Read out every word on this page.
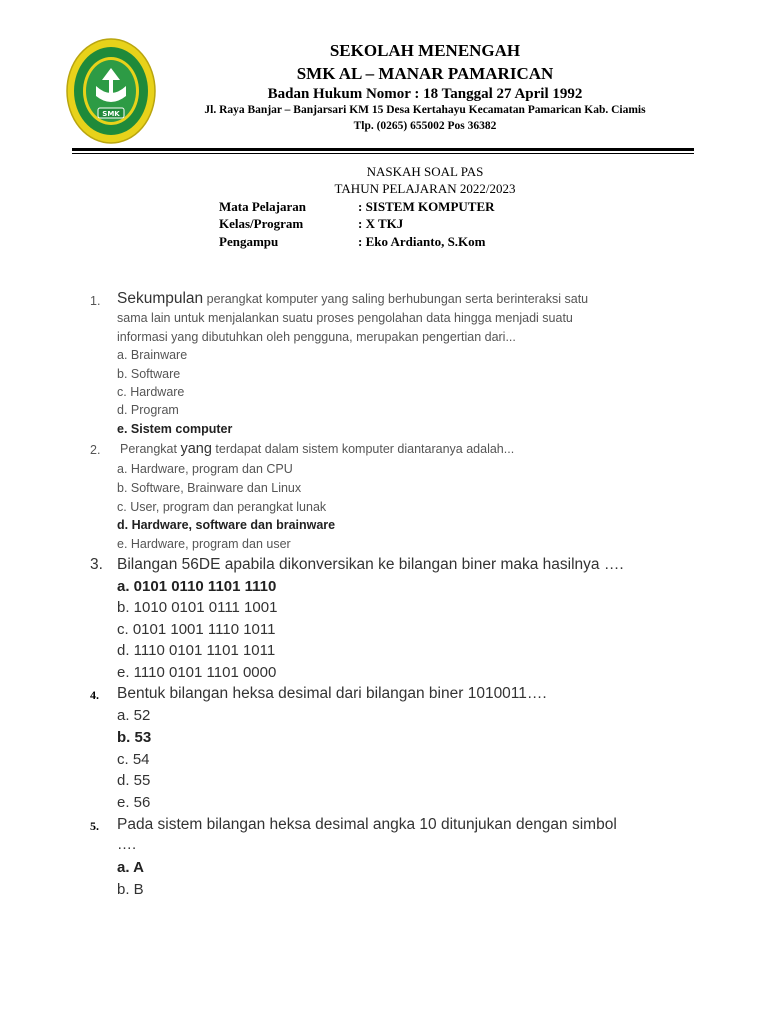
SMK
SEKOLAH MENENGAH
SMK AL – MANAR PAMARICAN
Badan Hukum Nomor : 18 Tanggal 27 April 1992
Jl. Raya Banjar – Banjarsari KM 15 Desa Kertahayu Kecamatan Pamarican Kab. Ciamis
Tlp. (0265) 655002 Pos 36382
NASKAH SOAL PAS
TAHUN PELAJARAN 2022/2023
Mata Pelajaran	: SISTEM KOMPUTER
Kelas/Program	: X TKJ
Pengampu	: Eko Ardianto, S.Kom
1. Sekumpulan perangkat komputer yang saling berhubungan serta berinteraksi satu
sama lain untuk menjalankan suatu proses pengolahan data hingga menjadi suatu
informasi yang dibutuhkan oleh pengguna, merupakan pengertian dari...
a. Brainware
b. Software
c. Hardware
d. Program
e. Sistem computer
2. Perangkat yang terdapat dalam sistem komputer diantaranya adalah...
a. Hardware, program dan CPU
b. Software, Brainware dan Linux
c. User, program dan perangkat lunak
d. Hardware, software dan brainware
e. Hardware, program dan user
3. Bilangan 56DE apabila dikonversikan ke bilangan biner maka hasilnya ….
a. 0101 0110 1101 1110
b. 1010 0101 0111 1001
c. 0101 1001 1110 1011
d. 1110 0101 1101 1011
e. 1110 0101 1101 0000
4. Bentuk bilangan heksa desimal dari bilangan biner 1010011….
a. 52
b. 53
c. 54
d. 55
e. 56
5. Pada sistem bilangan heksa desimal angka 10 ditunjukan dengan simbol
….
a. A
b. B
